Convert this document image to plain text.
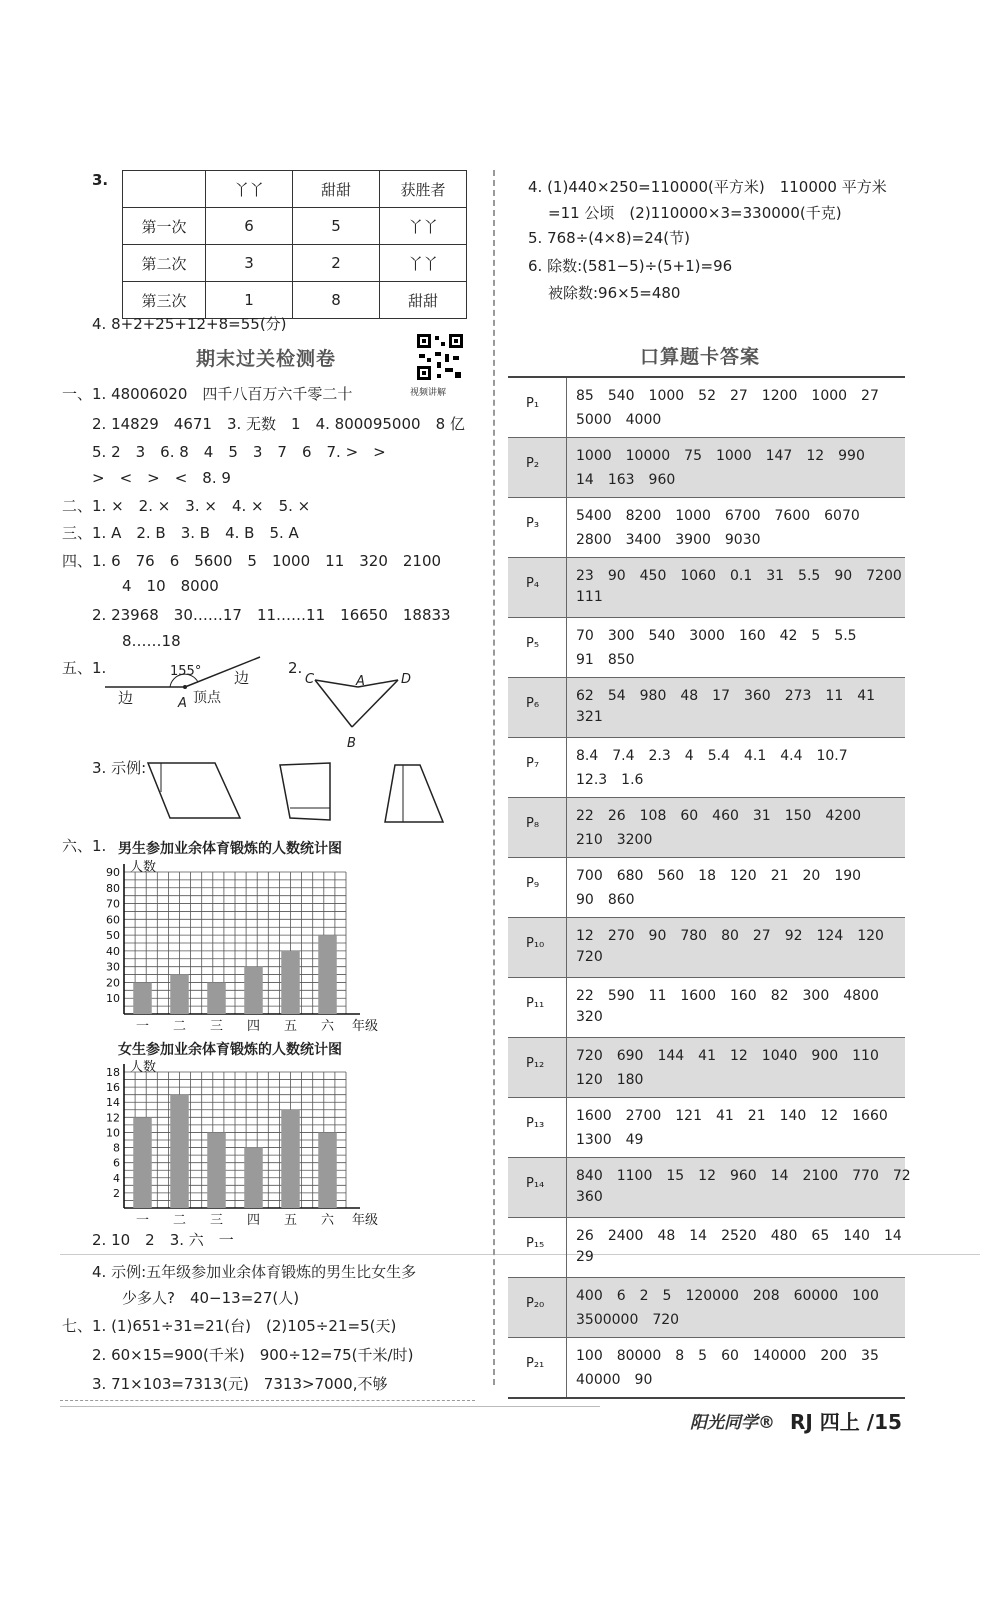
3.
	丫丫	甜甜	获胜者
第一次	6	5	丫丫
第二次	3	2	丫丫
第三次	1	8	甜甜
4. 8+2+25+12+8=55(分)
期末过关检测卷
视频讲解
一、1. 48006020　四千八百万六千零二十
2. 14829　4671　3. 无数　1　4. 800095000　8 亿
5. 2　3　6. 8　4　5　3　7　6　7. >　>
>　<　>　<　8. 9
二、1. ×　2. ×　3. ×　4. ×　5. ×
三、1. A　2. B　3. B　4. B　5. A
四、1. 6　76　6　5600　5　1000　11　320　2100
4　10　8000
2. 23968　30……17　11……11　16650　18833
8……18
五、1.	155°
边
边
A 顶点
2.
C	A	D
B
3. 示例:
六、1. 男生参加业余体育锻炼的人数统计图
人数
10
20
30
40
50
60
70
80
90
一 二 三 四 五 六 年级
女生参加业余体育锻炼的人数统计图
人数
2
4
6
8
10
12
14
16
18
一 二 三 四 五 六 年级
2. 10　2　3. 六　一
4. 示例:五年级参加业余体育锻炼的男生比女生多
少多人?　40−13=27(人)
七、1. (1)651÷31=21(台)　(2)105÷21=5(天)
2. 60×15=900(千米)　900÷12=75(千米/时)
3. 71×103=7313(元)　7313>7000,不够
4. (1)440×250=110000(平方米)　110000 平方米
=11 公顷　(2)110000×3=330000(千克)
5. 768÷(4×8)=24(节)
6. 除数:(581−5)÷(5+1)=96
被除数:96×5=480
口算题卡答案
P₁	85　540　1000　52　27　1200　1000　27
5000　4000
P₂	1000　10000　75　1000　147　12　990
14　163　960
P₃	5400　8200　1000　6700　7600　6070
2800　3400　3900　9030
P₄	23　90　450　1060　0.1　31　5.5　90　7200
111
P₅	70　300　540　3000　160　42　5　5.5
91　850
P₆	62　54　980　48　17　360　273　11　41
321
P₇	8.4　7.4　2.3　4　5.4　4.1　4.4　10.7
12.3　1.6
P₈	22　26　108　60　460　31　150　4200
210　3200
P₉	700　680　560　18　120　21　20　190
90　860
P₁₀ 12　270　90　780　80　27　92　124　120
720
P₁₁ 22　590　11　1600　160　82　300　4800
320
P₁₂ 720　690　144　41　12　1040　900　110
120　180
P₁₃ 1600　2700　121　41　21　140　12　1660
1300　49
P₁₄ 840　1100　15　12　960　14　2100　770　72
360
P₁₅ 26　2400　48　14　2520　480　65　140　14
29
P₂₀ 400　6　2　5　120000　208　60000　100
3500000　720
P₂₁ 100　80000　8　5　60　140000　200　35
40000　90
阳光同学® RJ 四上 /15
